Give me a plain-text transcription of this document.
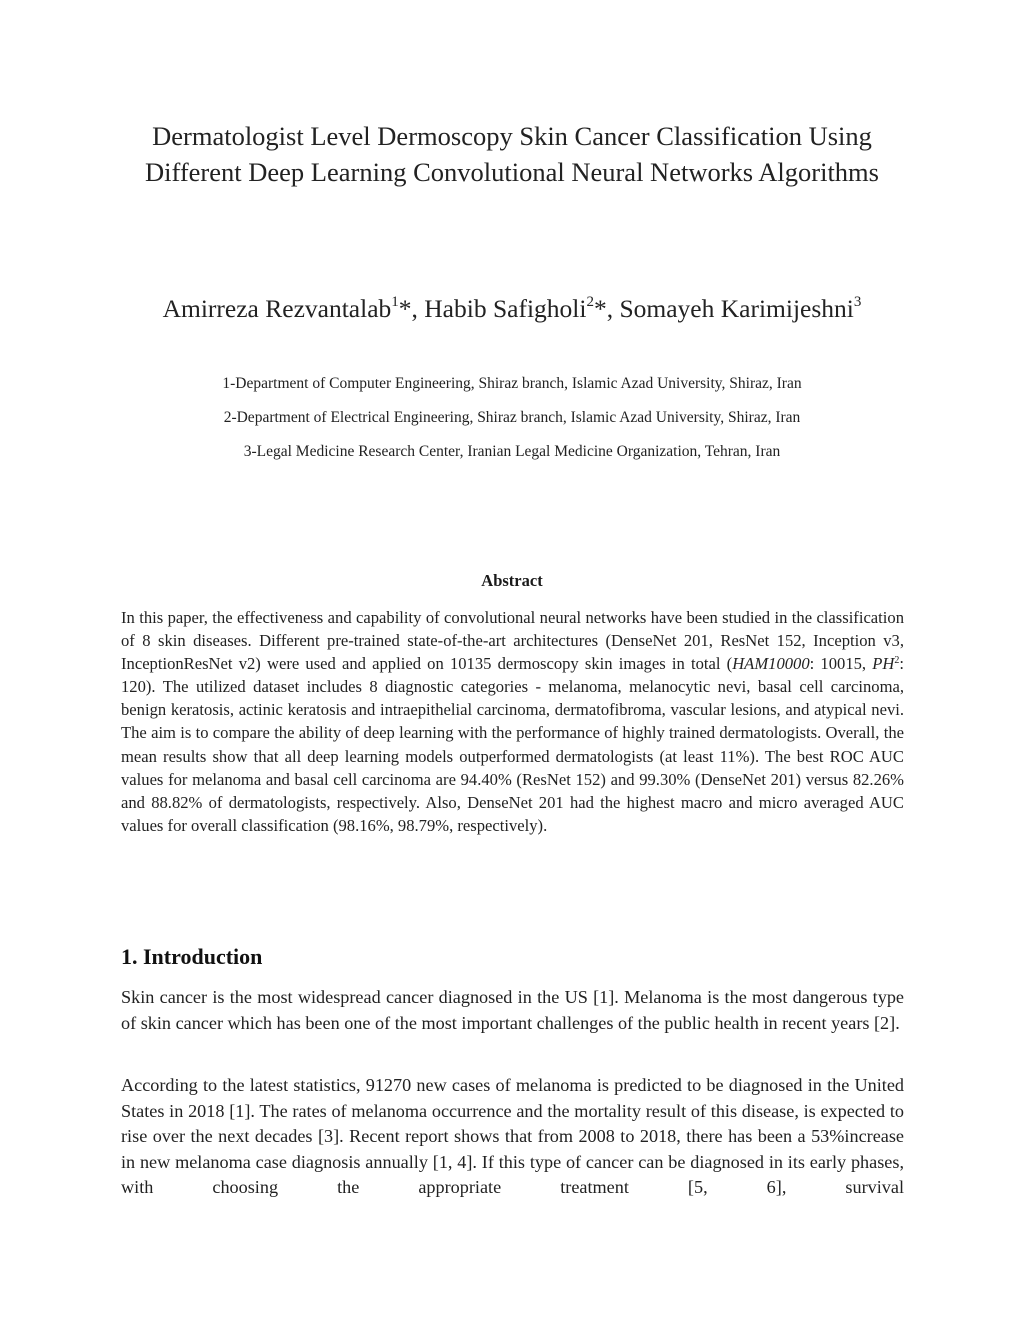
Dermatologist Level Dermoscopy Skin Cancer Classification Using
Different Deep Learning Convolutional Neural Networks Algorithms
Amirreza Rezvantalab$^1$*, Habib Safigholi$^2$*, Somayeh Karimijeshni$^3$
1-Department of Computer Engineering, Shiraz branch, Islamic Azad University, Shiraz, Iran
2-Department of Electrical Engineering, Shiraz branch, Islamic Azad University, Shiraz, Iran
3-Legal Medicine Research Center, Iranian Legal Medicine Organization, Tehran, Iran
Abstract
In this paper, the effectiveness and capability of convolutional neural networks have been studied in the classification of 8 skin diseases. Different pre-trained state-of-the-art architectures (DenseNet 201, ResNet 152, Inception v3, InceptionResNet v2) were used and applied on 10135 dermoscopy skin images in total (HAM10000: 10015, $PH^2$: 120). The utilized dataset includes 8 diagnostic categories - melanoma, melanocytic nevi, basal cell carcinoma, benign keratosis, actinic keratosis and intraepithelial carcinoma, dermatofibroma, vascular lesions, and atypical nevi. The aim is to compare the ability of deep learning with the performance of highly trained dermatologists. Overall, the mean results show that all deep learning models outperformed dermatologists (at least 11%). The best ROC AUC values for melanoma and basal cell carcinoma are 94.40% (ResNet 152) and 99.30% (DenseNet 201) versus 82.26% and 88.82% of dermatologists, respectively. Also, DenseNet 201 had the highest macro and micro averaged AUC values for overall classification (98.16%, 98.79%, respectively).
1. Introduction
Skin cancer is the most widespread cancer diagnosed in the US [1]. Melanoma is the most dangerous type of skin cancer which has been one of the most important challenges of the public health in recent years [2].
According to the latest statistics, 91270 new cases of melanoma is predicted to be diagnosed in the United States in 2018 [1]. The rates of melanoma occurrence and the mortality result of this disease, is expected to rise over the next decades [3]. Recent report shows that from 2008 to 2018, there has been a 53%increase in new melanoma case diagnosis annually [1, 4]. If this type of cancer can be diagnosed in its early phases, with choosing the appropriate treatment [5, 6], survival
